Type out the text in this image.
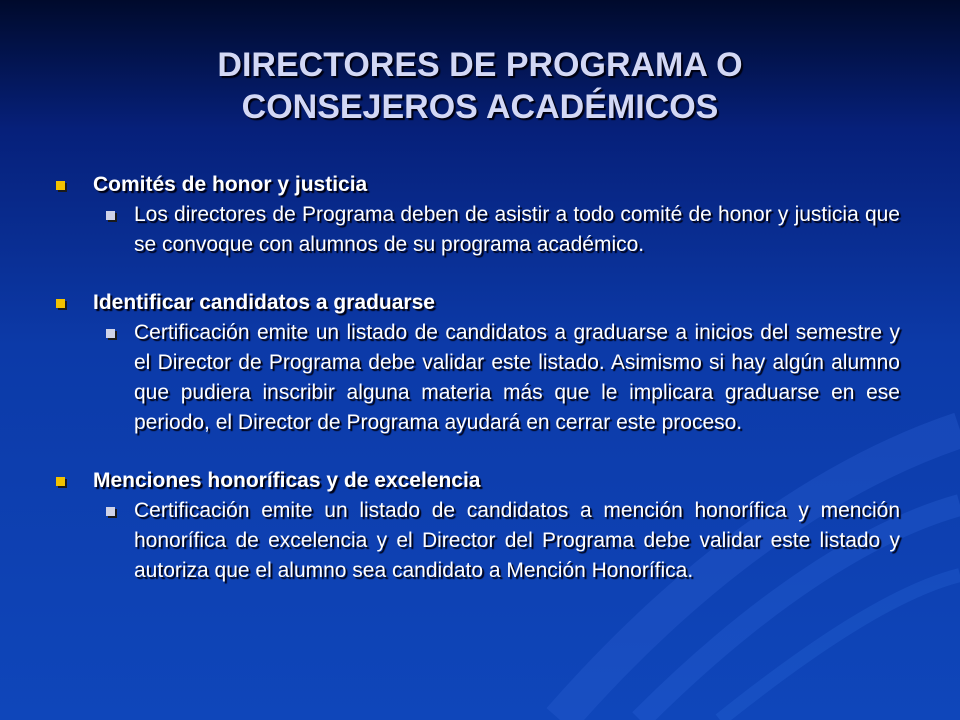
DIRECTORES DE PROGRAMA O
CONSEJEROS ACADÉMICOS
Comités de honor y justicia
Los directores de Programa deben de asistir a todo comité de honor y justicia que se convoque con alumnos de su programa académico.
Identificar candidatos a graduarse
Certificación emite un listado de candidatos a graduarse a inicios del semestre y el Director de Programa debe validar este listado. Asimismo si hay algún alumno que pudiera inscribir alguna materia más que le implicara graduarse en ese periodo, el Director de Programa ayudará en cerrar este proceso.
Menciones honoríficas y de excelencia
Certificación emite un listado de candidatos a mención honorífica y mención honorífica de excelencia y el Director del Programa debe validar este listado y autoriza que el alumno sea candidato a Mención Honorífica.
